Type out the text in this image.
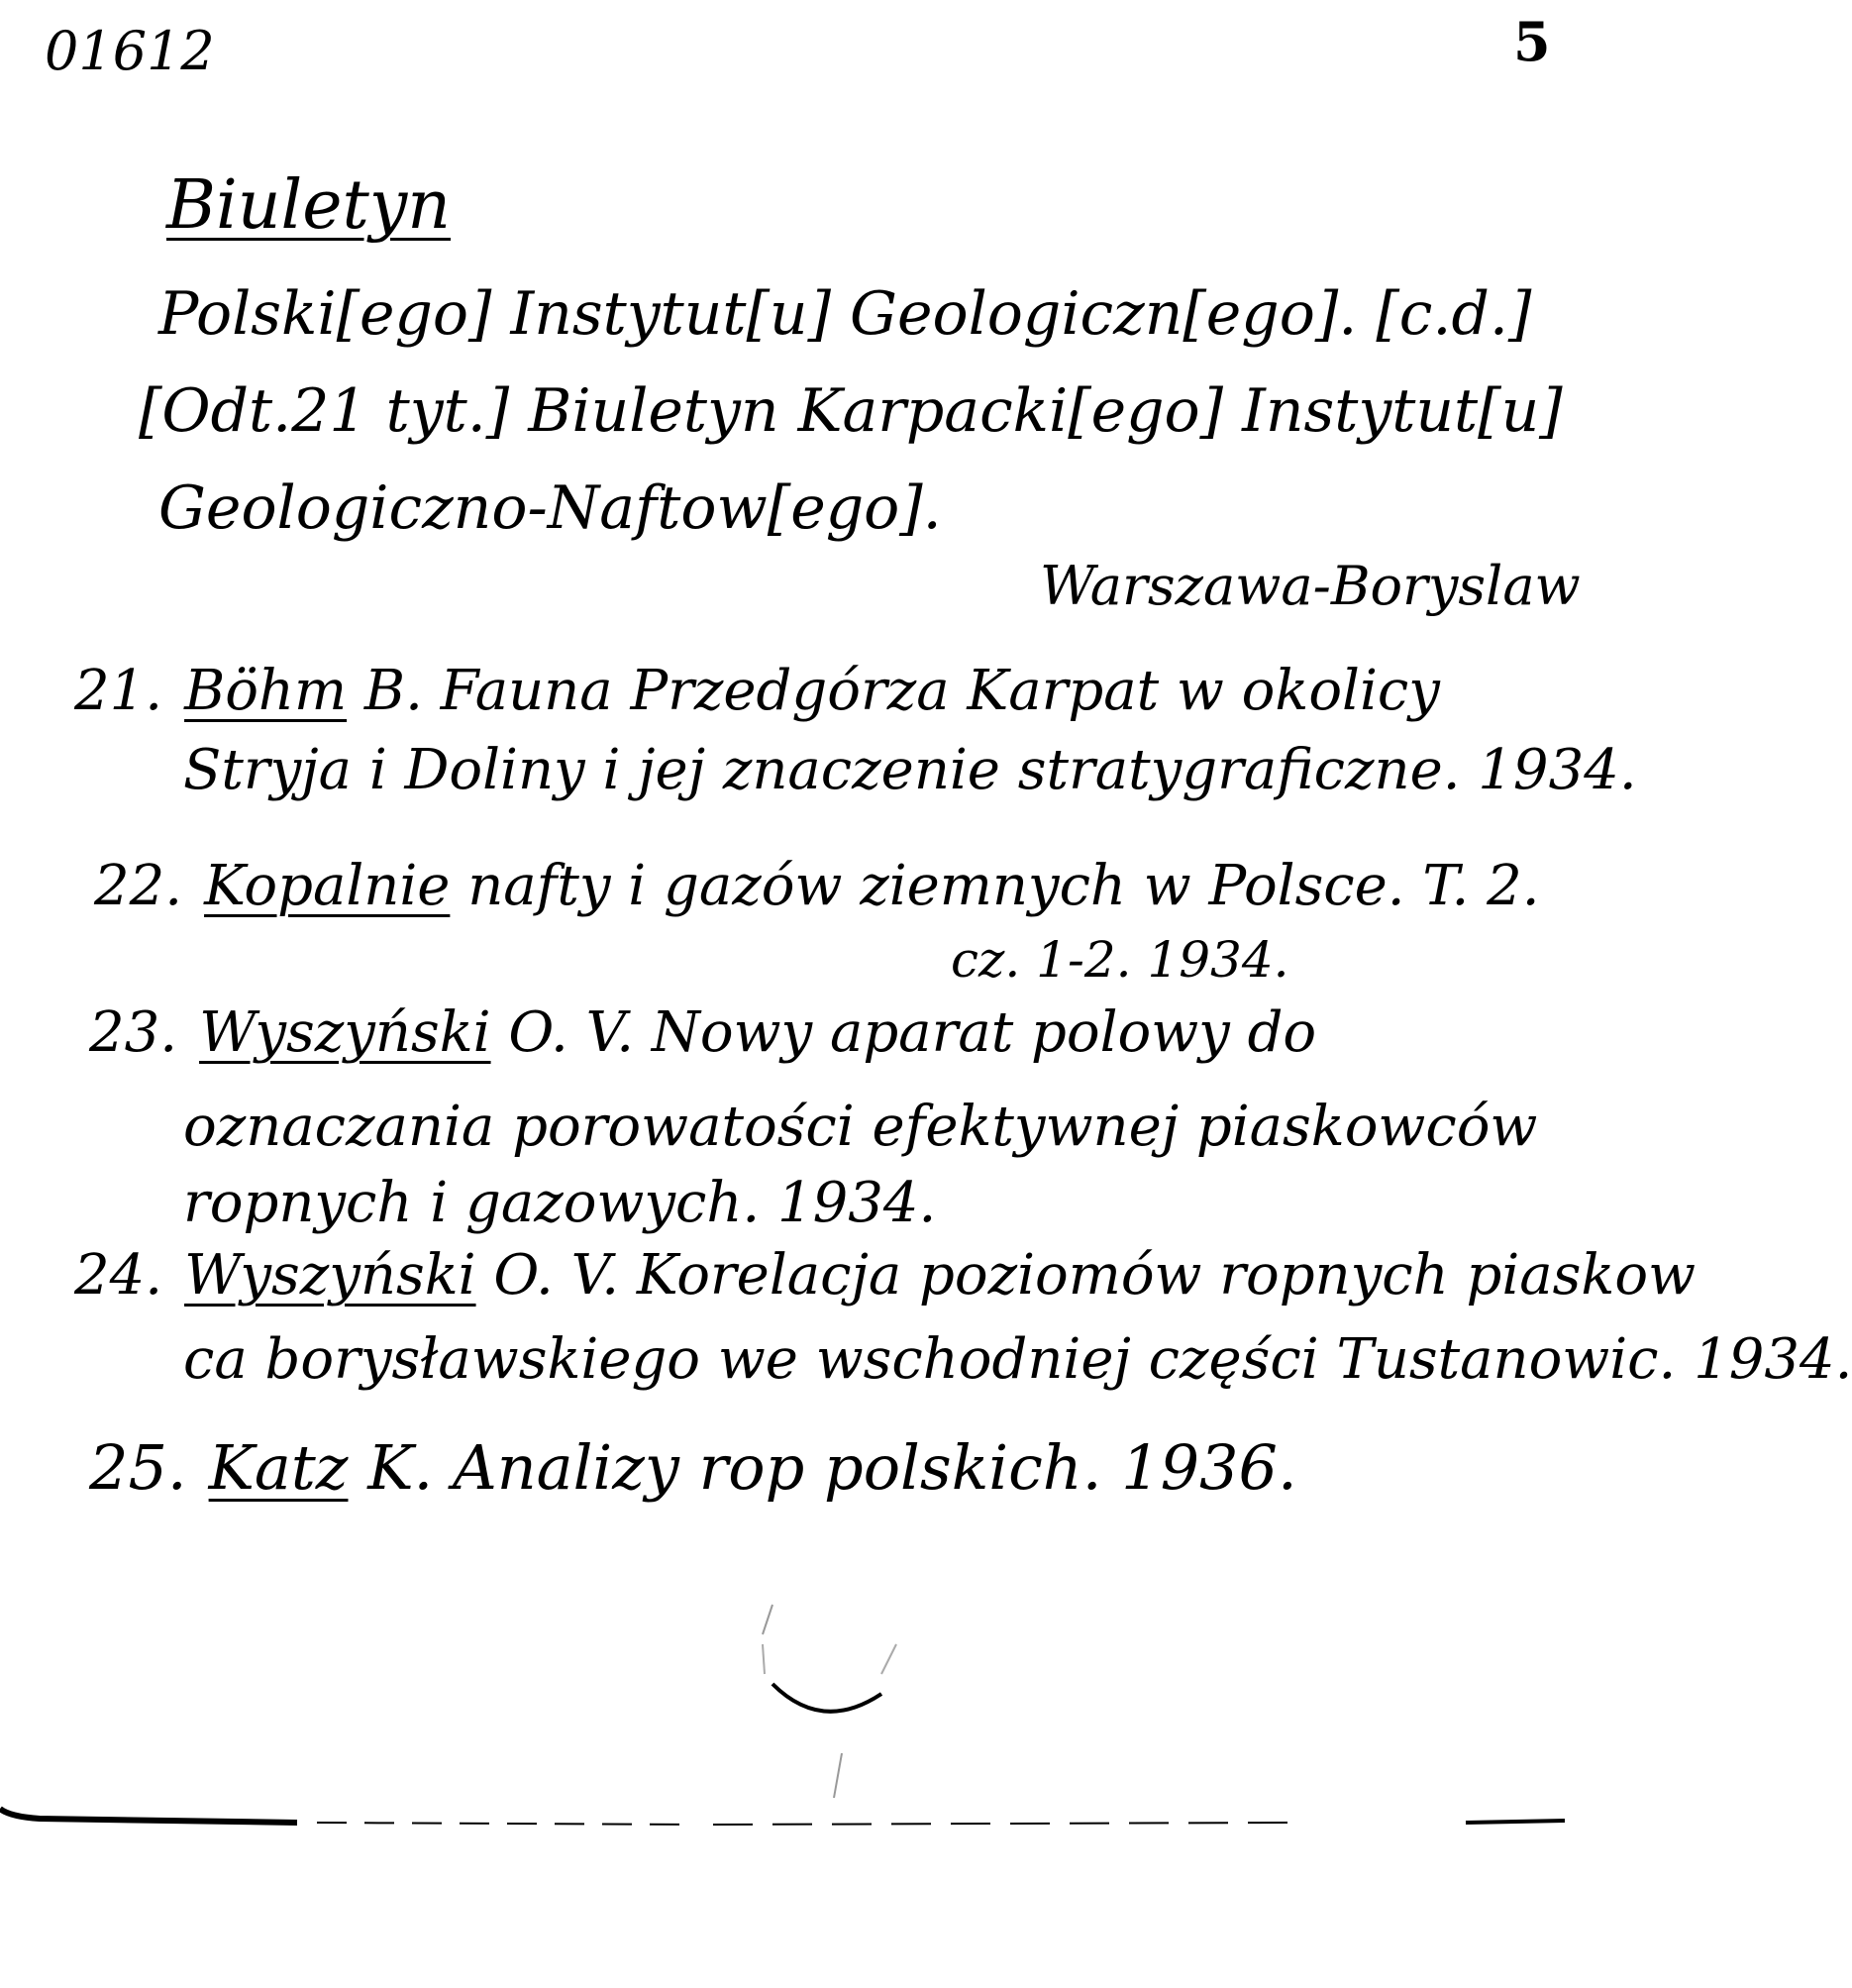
01612	5
Biuletyn
Polski[ego] Instytut[u] Geologiczn[ego]. [c.d.]
[Odt.21 tyt.] Biuletyn Karpacki[ego] Instytut[u]
Geologiczno-Naftow[ego].
Warszawa-Boryslaw
21. Böhm B. Fauna Przedgórza Karpat w okolicy
Stryja i Doliny i jej znaczenie stratygraficzne. 1934.
22. Kopalnie nafty i gazów ziemnych w Polsce. T. 2.
cz. 1-2. 1934.
23. Wyszyński O. V. Nowy aparat polowy do
oznaczania porowatości efektywnej piaskowców
ropnych i gazowych. 1934.
24. Wyszyński O. V. Korelacja poziomów ropnych piaskow
ca borysławskiego we wschodniej części Tustanowic. 1934.
25. Katz K. Analizy rop polskich. 1936.
